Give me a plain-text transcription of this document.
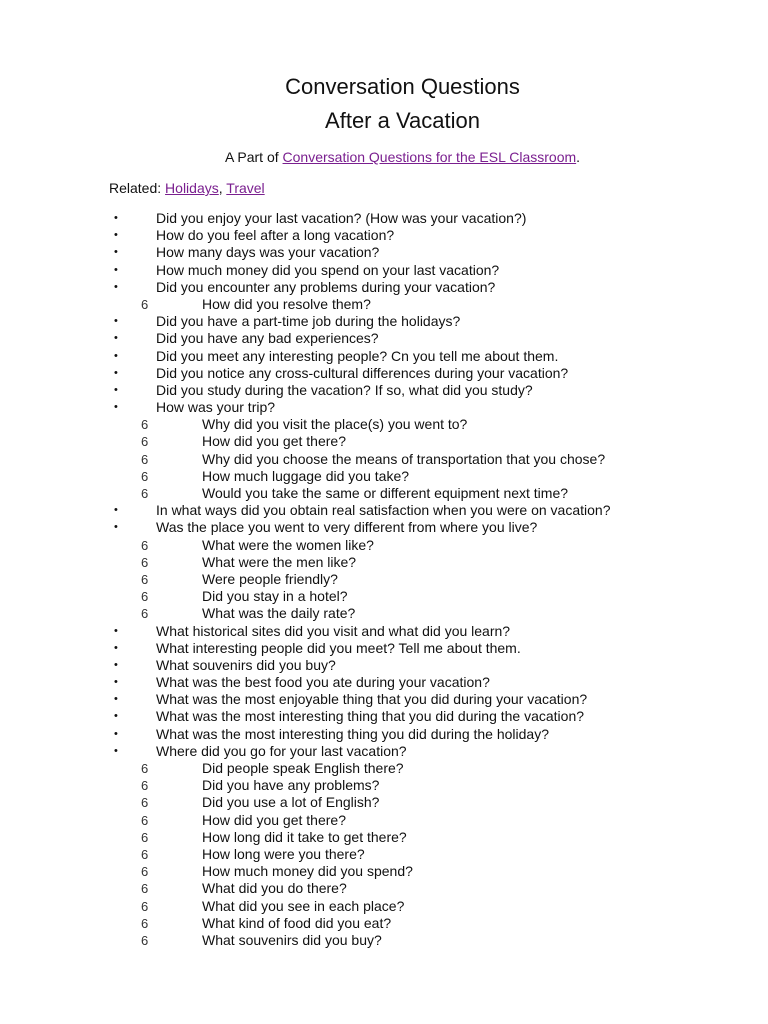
Conversation Questions
After a Vacation
A Part of Conversation Questions for the ESL Classroom.
Related: Holidays, Travel
•	Did you enjoy your last vacation? (How was your vacation?)
•	How do you feel after a long vacation?
•	How many days was your vacation?
•	How much money did you spend on your last vacation?
•	Did you encounter any problems during your vacation?
6	How did you resolve them?
•	Did you have a part-time job during the holidays?
•	Did you have any bad experiences?
•	Did you meet any interesting people? Cn you tell me about them.
•	Did you notice any cross-cultural differences during your vacation?
•	Did you study during the vacation? If so, what did you study?
•	How was your trip?
6	Why did you visit the place(s) you went to?
6	How did you get there?
6	Why did you choose the means of transportation that you chose?
6	How much luggage did you take?
6	Would you take the same or different equipment next time?
•	In what ways did you obtain real satisfaction when you were on vacation?
•	Was the place you went to very different from where you live?
6	What were the women like?
6	What were the men like?
6	Were people friendly?
6	Did you stay in a hotel?
6	What was the daily rate?
•	What historical sites did you visit and what did you learn?
•	What interesting people did you meet? Tell me about them.
•	What souvenirs did you buy?
•	What was the best food you ate during your vacation?
•	What was the most enjoyable thing that you did during your vacation?
•	What was the most interesting thing that you did during the vacation?
•	What was the most interesting thing you did during the holiday?
•	Where did you go for your last vacation?
6	Did people speak English there?
6	Did you have any problems?
6	Did you use a lot of English?
6	How did you get there?
6	How long did it take to get there?
6	How long were you there?
6	How much money did you spend?
6	What did you do there?
6	What did you see in each place?
6	What kind of food did you eat?
6	What souvenirs did you buy?
